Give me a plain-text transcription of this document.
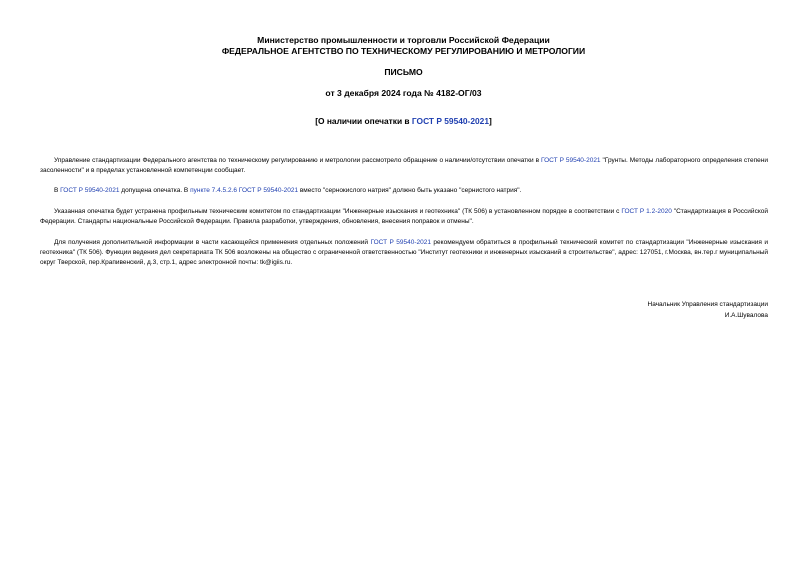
Министерство промышленности и торговли Российской Федерации
ФЕДЕРАЛЬНОЕ АГЕНТСТВО ПО ТЕХНИЧЕСКОМУ РЕГУЛИРОВАНИЮ И МЕТРОЛОГИИ
ПИСЬМО
от 3 декабря 2024 года № 4182-ОГ/03
[О наличии опечатки в ГОСТ Р 59540-2021]
Управление стандартизации Федерального агентства по техническому регулированию и метрологии рассмотрело обращение о наличии/отсутствии опечатки в ГОСТ Р 59540-2021 "Грунты. Методы лабораторного определения степени засоленности" и в пределах установленной компетенции сообщает.
В ГОСТ Р 59540-2021 допущена опечатка. В пункте 7.4.5.2.6 ГОСТ Р 59540-2021 вместо "сернокислого натрия" должно быть указано "сернистого натрия".
Указанная опечатка будет устранена профильным техническим комитетом по стандартизации "Инженерные изыскания и геотехника" (ТК 506) в установленном порядке в соответствии с ГОСТ Р 1.2-2020 "Стандартизация в Российской Федерации. Стандарты национальные Российской Федерации. Правила разработки, утверждения, обновления, внесения поправок и отмены".
Для получения дополнительной информации в части касающейся применения отдельных положений ГОСТ Р 59540-2021 рекомендуем обратиться в профильный технический комитет по стандартизации "Инженерные изыскания и геотехника" (ТК 506). Функции ведения дел секретариата ТК 506 возложены на общество с ограниченной ответственностью "Институт геотехники и инженерных изысканий в строительстве", адрес: 127051, г.Москва, вн.тер.г муниципальный округ Тверской, пер.Крапивенский, д.3, стр.1, адрес электронной почты: tk@igiis.ru.
Начальник Управления стандартизации
И.А.Шувалова
